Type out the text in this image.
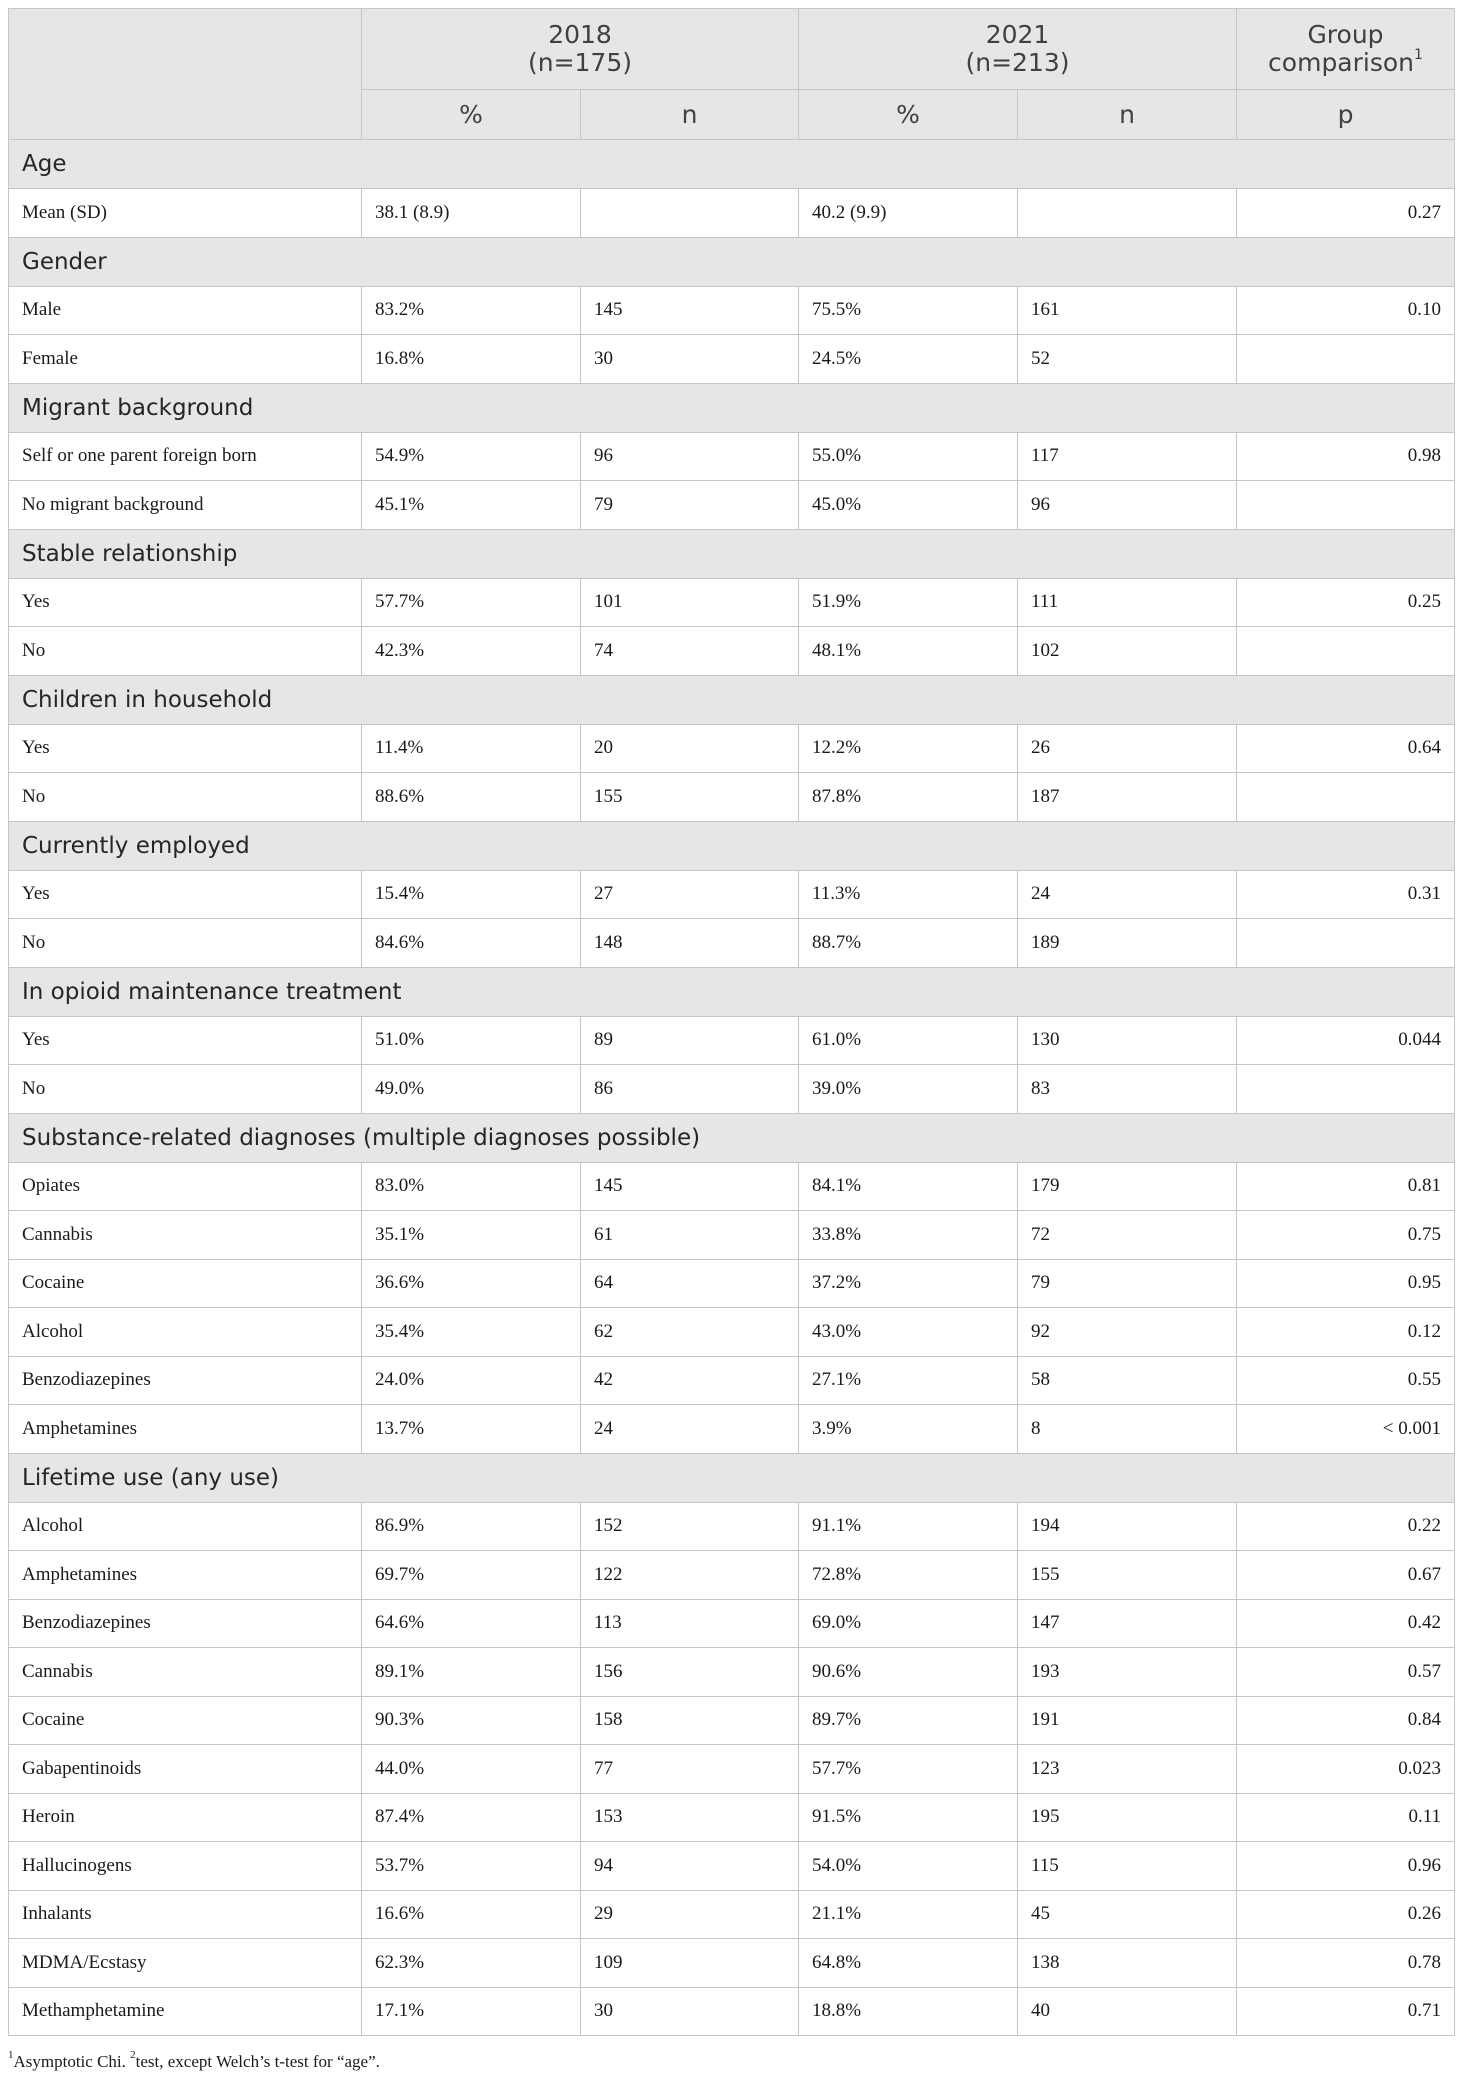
	2018
(n=175)		2021
(n=213)		Group comparison$^1$
	%	n	%	n	p
Age					
Mean (SD)	38.1 (8.9)		40.2 (9.9)		0.27
Gender					
Male	83.2%	145	75.5%	161	0.10
Female	16.8%	30	24.5%	52	
Migrant background					
Self or one parent foreign born	54.9%	96	55.0%	117	0.98
No migrant background	45.1%	79	45.0%	96	
Stable relationship					
Yes	57.7%	101	51.9%	111	0.25
No	42.3%	74	48.1%	102	
Children in household					
Yes	11.4%	20	12.2%	26	0.64
No	88.6%	155	87.8%	187	
Currently employed					
Yes	15.4%	27	11.3%	24	0.31
No	84.6%	148	88.7%	189	
In opioid maintenance treatment					
Yes	51.0%	89	61.0%	130	0.044
No	49.0%	86	39.0%	83	
Substance-related diagnoses (multiple diagnoses possible)					
Opiates	83.0%	145	84.1%	179	0.81
Cannabis	35.1%	61	33.8%	72	0.75
Cocaine	36.6%	64	37.2%	79	0.95
Alcohol	35.4%	62	43.0%	92	0.12
Benzodiazepines	24.0%	42	27.1%	58	0.55
Amphetamines	13.7%	24	3.9%	8	< 0.001
Lifetime use (any use)					
Alcohol	86.9%	152	91.1%	194	0.22
Amphetamines	69.7%	122	72.8%	155	0.67
Benzodiazepines	64.6%	113	69.0%	147	0.42
Cannabis	89.1%	156	90.6%	193	0.57
Cocaine	90.3%	158	89.7%	191	0.84
Gabapentinoids	44.0%	77	57.7%	123	0.023
Heroin	87.4%	153	91.5%	195	0.11
Hallucinogens	53.7%	94	54.0%	115	0.96
Inhalants	16.6%	29	21.1%	45	0.26
MDMA/Ecstasy	62.3%	109	64.8%	138	0.78
Methamphetamine	17.1%	30	18.8%	40	0.71
$^1$Asymptotic Chi. $^2$test, except Welch’s t-test for “age”.
